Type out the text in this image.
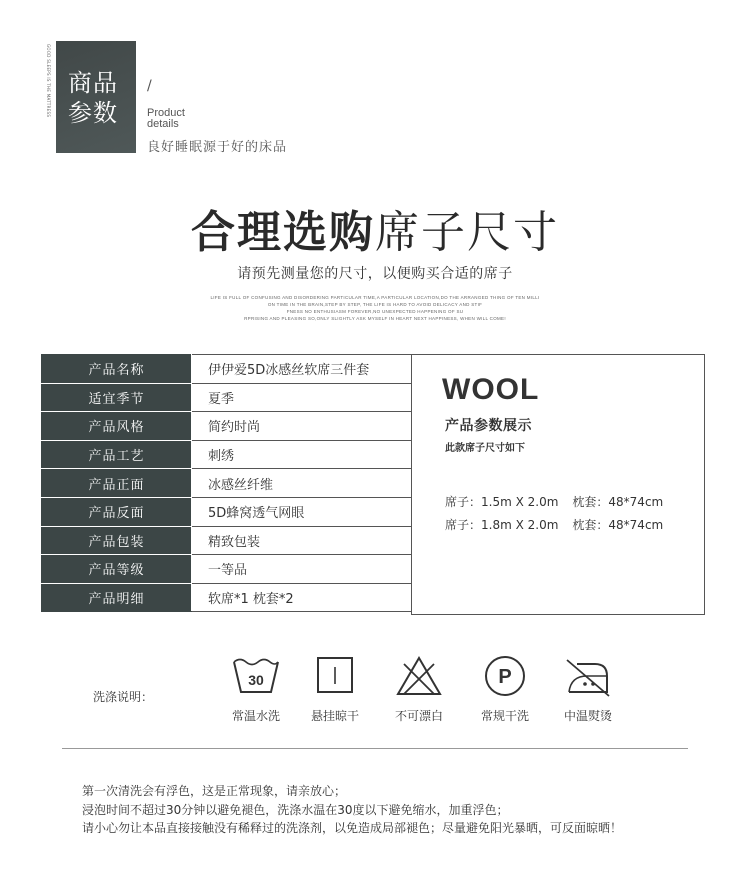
GOOD SLEEPS IS THE MATTRESS 商品
参数
/
Product
details
良好睡眠源于好的床品
合理选购席子尺寸
请预先测量您的尺寸，以便购买合适的席子
LIFE IS FULL OF CONFUSING AND DISORDERING PARTICULAR TIME,A PARTICULAR LOCATION,DO THE ARRANGED THING OF TEN MILLI
ON TIME IN THE BRAIN,STEP BY STEP, THE LIFE IS HARD TO AVOID DELICACY AND STIF
FNESS NO ENTHUSIASM FOREVER,NO UNEXPECTED HAPPENING OF SU
RPRISING AND PLEASING SO,ONLY SLIGHTLY ASK MYSELF IN HEART NEXT HAPPINESS, WHEN WILL COME!
产品名称	伊伊爱5D冰感丝软席三件套
适宜季节	夏季
产品风格	简约时尚
产品工艺	刺绣
产品正面	冰感丝纤维
产品反面	5D蜂窝透气网眼
产品包装	精致包装
产品等级	一等品
产品明细	软席*1 枕套*2
WOOL
产品参数展示
此款席子尺寸如下
席子：1.5m X 2.0m 枕套：48*74cm
席子：1.8m X 2.0m 枕套：48*74cm
洗涤说明：
30
常温水洗	悬挂晾干	不可漂白
P
常规干洗	中温熨烫
第一次清洗会有浮色，这是正常现象，请亲放心；
浸泡时间不超过30分钟以避免褪色，洗涤水温在30度以下避免缩水，加重浮色；
请小心勿让本品直接接触没有稀释过的洗涤剂，以免造成局部褪色；尽量避免阳光暴晒，可反面晾晒！
